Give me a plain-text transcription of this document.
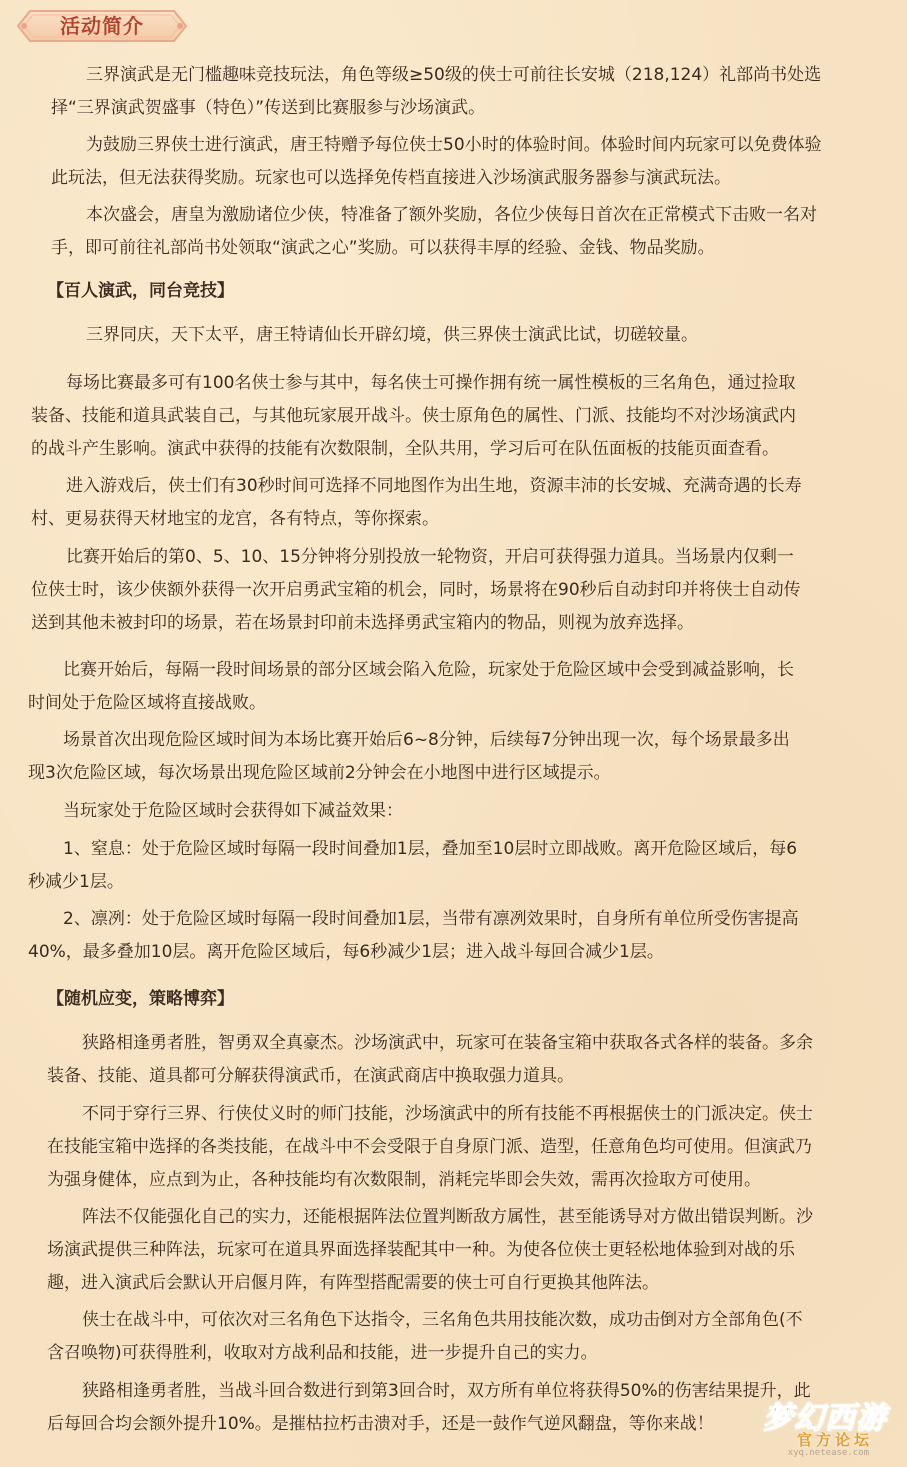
活动简介
三界演武是无门槛趣味竞技玩法，角色等级≥50级的侠士可前往长安城（218,124）礼部尚书处选
择“三界演武贺盛事（特色）”传送到比赛服参与沙场演武。
为鼓励三界侠士进行演武，唐王特赠予每位侠士50小时的体验时间。体验时间内玩家可以免费体验
此玩法，但无法获得奖励。玩家也可以选择免传档直接进入沙场演武服务器参与演武玩法。
本次盛会，唐皇为激励诸位少侠，特准备了额外奖励，各位少侠每日首次在正常模式下击败一名对
手，即可前往礼部尚书处领取“演武之心”奖励。可以获得丰厚的经验、金钱、物品奖励。
【百人演武，同台竞技】
三界同庆，天下太平，唐王特请仙长开辟幻境，供三界侠士演武比试，切磋较量。
每场比赛最多可有100名侠士参与其中，每名侠士可操作拥有统一属性模板的三名角色，通过捡取
装备、技能和道具武装自己，与其他玩家展开战斗。侠士原角色的属性、门派、技能均不对沙场演武内
的战斗产生影响。演武中获得的技能有次数限制，全队共用，学习后可在队伍面板的技能页面查看。
进入游戏后，侠士们有30秒时间可选择不同地图作为出生地，资源丰沛的长安城、充满奇遇的长寿
村、更易获得天材地宝的龙宫，各有特点，等你探索。
比赛开始后的第0、5、10、15分钟将分别投放一轮物资，开启可获得强力道具。当场景内仅剩一
位侠士时，该少侠额外获得一次开启勇武宝箱的机会，同时，场景将在90秒后自动封印并将侠士自动传
送到其他未被封印的场景，若在场景封印前未选择勇武宝箱内的物品，则视为放弃选择。
比赛开始后，每隔一段时间场景的部分区域会陷入危险，玩家处于危险区域中会受到减益影响，长
时间处于危险区域将直接战败。
场景首次出现危险区域时间为本场比赛开始后6~8分钟，后续每7分钟出现一次，每个场景最多出
现3次危险区域，每次场景出现危险区域前2分钟会在小地图中进行区域提示。
当玩家处于危险区域时会获得如下减益效果：
1、窒息：处于危险区域时每隔一段时间叠加1层，叠加至10层时立即战败。离开危险区域后，每6
秒减少1层。
2、凛冽：处于危险区域时每隔一段时间叠加1层，当带有凛冽效果时，自身所有单位所受伤害提高
40%，最多叠加10层。离开危险区域后，每6秒减少1层；进入战斗每回合减少1层。
【随机应变，策略博弈】
狭路相逢勇者胜，智勇双全真豪杰。沙场演武中，玩家可在装备宝箱中获取各式各样的装备。多余
装备、技能、道具都可分解获得演武币，在演武商店中换取强力道具。
不同于穿行三界、行侠仗义时的师门技能，沙场演武中的所有技能不再根据侠士的门派决定。侠士
在技能宝箱中选择的各类技能，在战斗中不会受限于自身原门派、造型，任意角色均可使用。但演武乃
为强身健体，应点到为止，各种技能均有次数限制，消耗完毕即会失效，需再次捡取方可使用。
阵法不仅能强化自己的实力，还能根据阵法位置判断敌方属性，甚至能诱导对方做出错误判断。沙
场演武提供三种阵法，玩家可在道具界面选择装配其中一种。为使各位侠士更轻松地体验到对战的乐
趣，进入演武后会默认开启偃月阵，有阵型搭配需要的侠士可自行更换其他阵法。
侠士在战斗中，可依次对三名角色下达指令，三名角色共用技能次数，成功击倒对方全部角色(不
含召唤物)可获得胜利，收取对方战利品和技能，进一步提升自己的实力。
狭路相逢勇者胜，当战斗回合数进行到第3回合时，双方所有单位将获得50%的伤害结果提升，此
后每回合均会额外提升10%。是摧枯拉朽击溃对手，还是一鼓作气逆风翻盘，等你来战！	梦幻西游
官方论坛
xyq.netease.com
